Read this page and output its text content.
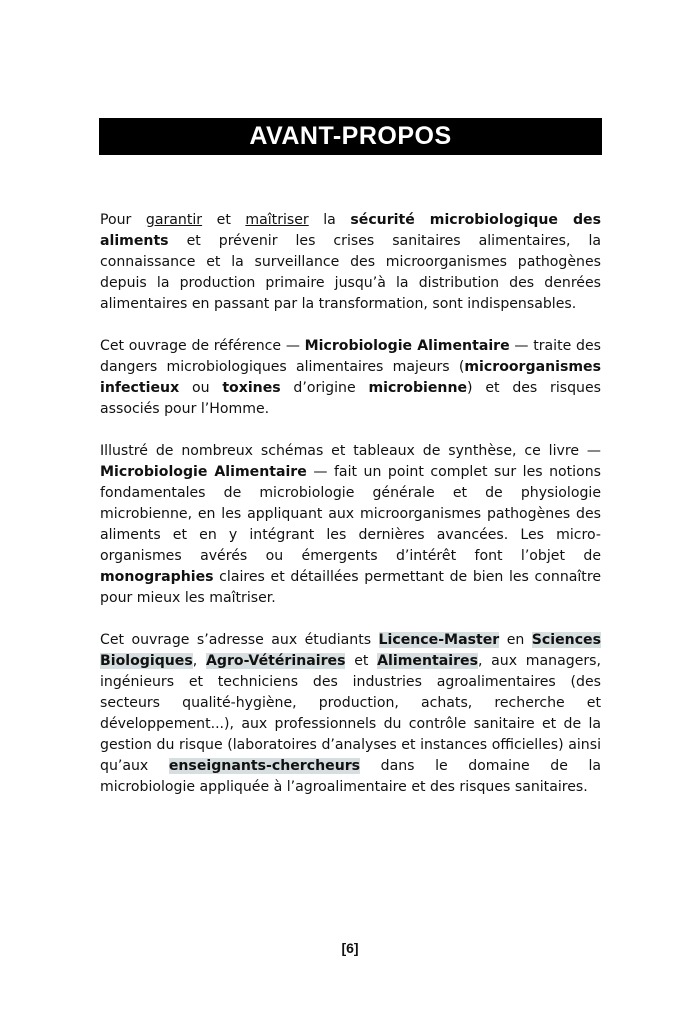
AVANT-PROPOS

Pour garantir et maîtriser la sécurité microbiologique des aliments et prévenir les crises sanitaires alimentaires, la connaissance et la surveillance des microorganismes pathogènes depuis la production primaire jusqu’à la distribution des denrées alimentaires en passant par la transformation, sont indispensables.

Cet ouvrage de référence — Microbiologie Alimentaire — traite des dangers microbiologiques alimentaires majeurs (microorganismes infectieux ou toxines d’origine microbienne) et des risques associés pour l’Homme.

Illustré de nombreux schémas et tableaux de synthèse, ce livre — Microbiologie Alimentaire — fait un point complet sur les notions fondamentales de microbiologie générale et de physiologie microbienne, en les appliquant aux microorganismes pathogènes des aliments et en y intégrant les dernières avancées. Les micro-organismes avérés ou émergents d’intérêt font l’objet de monographies claires et détaillées permettant de bien les connaître pour mieux les maîtriser.

Cet ouvrage s’adresse aux étudiants Licence-Master en Sciences Biologiques, Agro-Vétérinaires et Alimentaires, aux managers, ingénieurs et techniciens des industries agroalimentaires (des secteurs qualité-hygiène, production, achats, recherche et développement...), aux professionnels du contrôle sanitaire et de la gestion du risque (laboratoires d’analyses et instances officielles) ainsi qu’aux enseignants-chercheurs dans le domaine de la microbiologie appliquée à l’agroalimentaire et des risques sanitaires.

[6]
